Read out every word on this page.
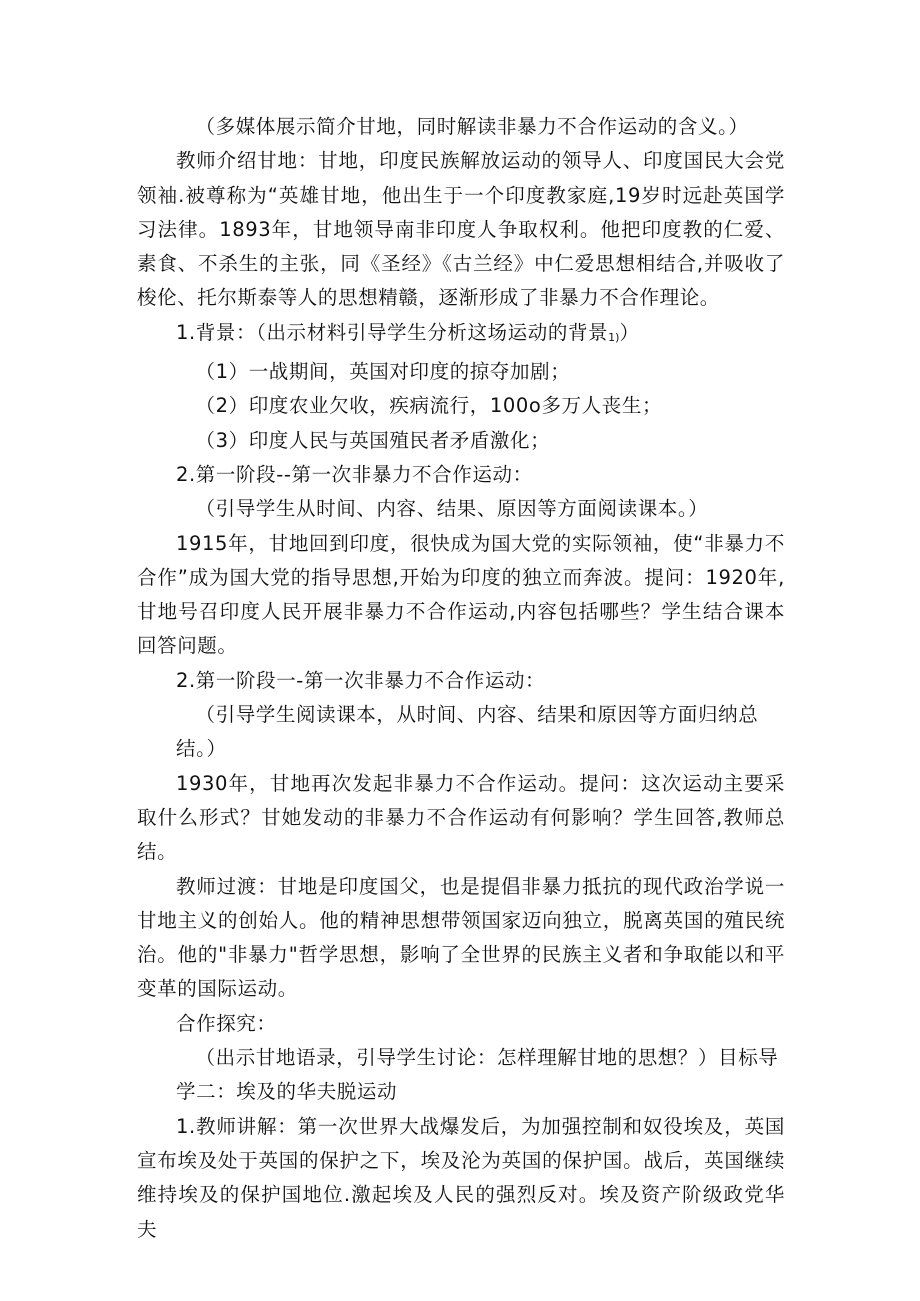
（多媒体展示简介甘地，同时解读非暴力不合作运动的含义。）

教师介绍甘地：甘地，印度民族解放运动的领导人、印度国民大会党领袖.被尊称为“英雄甘地，他出生于一个印度教家庭,19岁时远赴英国学习法律。1893年，甘地领导南非印度人争取权利。他把印度教的仁爱、素食、不杀生的主张，同《圣经》《古兰经》中仁爱思想相结合,并吸收了梭伦、托尔斯泰等人的思想精赣，逐渐形成了非暴力不合作理论。

1.背景：（出示材料引导学生分析这场运动的背景1)）

（1）一战期间，英国对印度的掠夺加剧；

（2）印度农业欠收，疾病流行，100o多万人丧生；

（3）印度人民与英国殖民者矛盾激化；

2.第一阶段--第一次非暴力不合作运动：

（引导学生从时间、内容、结果、原因等方面阅读课本。）

1915年，甘地回到印度，很快成为国大党的实际领袖，使“非暴力不合作”成为国大党的指导思想,开始为印度的独立而奔波。提问：1920年,甘地号召印度人民开展非暴力不合作运动,内容包括哪些？学生结合课本回答问题。

2.第一阶段一-第一次非暴力不合作运动：

（引导学生阅读课本，从时间、内容、结果和原因等方面归纳总

结。）

1930年，甘地再次发起非暴力不合作运动。提问：这次运动主要采取什么形式？甘她发动的非暴力不合作运动有何影响？学生回答,教师总结。

教师过渡：甘地是印度国父，也是提倡非暴力抵抗的现代政治学说一甘地主义的创始人。他的精神思想带领国家迈向独立，脱离英国的殖民统治。他的"非暴力"哲学思想，影响了全世界的民族主义者和争取能以和平变革的国际运动。

合作探究：

（出示甘地语录，引导学生讨论：怎样理解甘地的思想？）目标导

学二：埃及的华夫脱运动

1.教师讲解：第一次世界大战爆发后，为加强控制和奴役埃及，英国宣布埃及处于英国的保护之下，埃及沦为英国的保护国。战后，英国继续维持埃及的保护国地位.激起埃及人民的强烈反对。埃及资产阶级政党华夫
